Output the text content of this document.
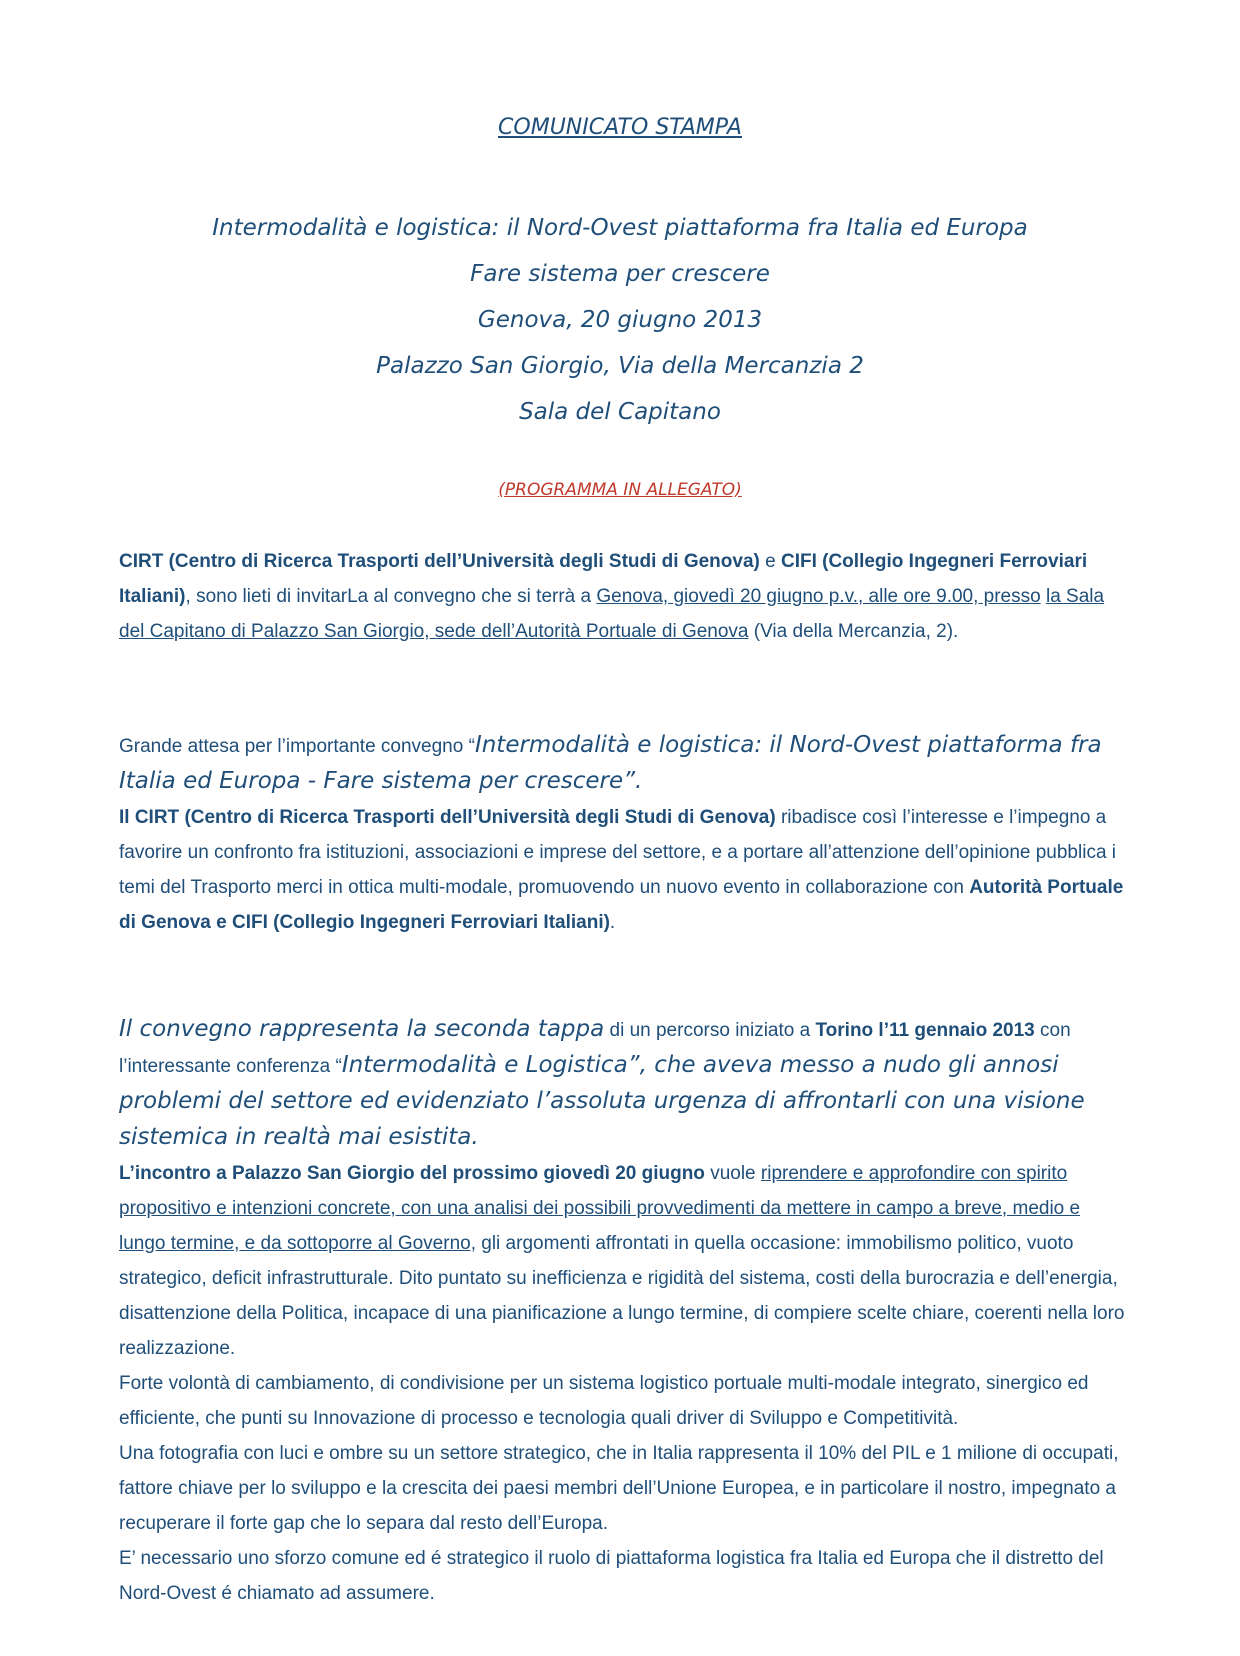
COMUNICATO STAMPA
Intermodalità e logistica: il Nord-Ovest piattaforma fra Italia ed Europa
Fare sistema per crescere
Genova, 20 giugno 2013
Palazzo San Giorgio, Via della Mercanzia 2
Sala del Capitano
(PROGRAMMA IN ALLEGATO)
CIRT (Centro di Ricerca Trasporti dell’Università degli Studi di Genova) e CIFI (Collegio Ingegneri Ferroviari Italiani), sono lieti di invitarLa al convegno che si terrà a Genova, giovedì 20 giugno p.v., alle ore 9.00, presso la Sala del Capitano di Palazzo San Giorgio, sede dell’Autorità Portuale di Genova (Via della Mercanzia, 2).
Grande attesa per l’importante convegno “Intermodalità e logistica: il Nord-Ovest piattaforma fra Italia ed Europa - Fare sistema per crescere”.
Il CIRT (Centro di Ricerca Trasporti dell’Università degli Studi di Genova) ribadisce così l’interesse e l’impegno a favorire un confronto fra istituzioni, associazioni e imprese del settore, e a portare all’attenzione dell’opinione pubblica i temi del Trasporto merci in ottica multi-modale, promuovendo un nuovo evento in collaborazione con Autorità Portuale di Genova e CIFI (Collegio Ingegneri Ferroviari Italiani).
Il convegno rappresenta la seconda tappa di un percorso iniziato a Torino l’11 gennaio 2013 con l’interessante conferenza “Intermodalità e Logistica”, che aveva messo a nudo gli annosi problemi del settore ed evidenziato l’assoluta urgenza di affrontarli con una visione sistemica in realtà mai esistita.
L’incontro a Palazzo San Giorgio del prossimo giovedì 20 giugno vuole riprendere e approfondire con spirito propositivo e intenzioni concrete, con una analisi dei possibili provvedimenti da mettere in campo a breve, medio e lungo termine, e da sottoporre al Governo, gli argomenti affrontati in quella occasione: immobilismo politico, vuoto strategico, deficit infrastrutturale. Dito puntato su inefficienza e rigidità del sistema, costi della burocrazia e dell’energia, disattenzione della Politica, incapace di una pianificazione a lungo termine, di compiere scelte chiare, coerenti nella loro realizzazione.
Forte volontà di cambiamento, di condivisione per un sistema logistico portuale multi-modale integrato, sinergico ed efficiente, che punti su Innovazione di processo e tecnologia quali driver di Sviluppo e Competitività.
Una fotografia con luci e ombre su un settore strategico, che in Italia rappresenta il 10% del PIL e 1 milione di occupati, fattore chiave per lo sviluppo e la crescita dei paesi membri dell’Unione Europea, e in particolare il nostro, impegnato a recuperare il forte gap che lo separa dal resto dell’Europa.
E’ necessario uno sforzo comune ed é strategico il ruolo di piattaforma logistica fra Italia ed Europa che il distretto del Nord-Ovest é chiamato ad assumere.
